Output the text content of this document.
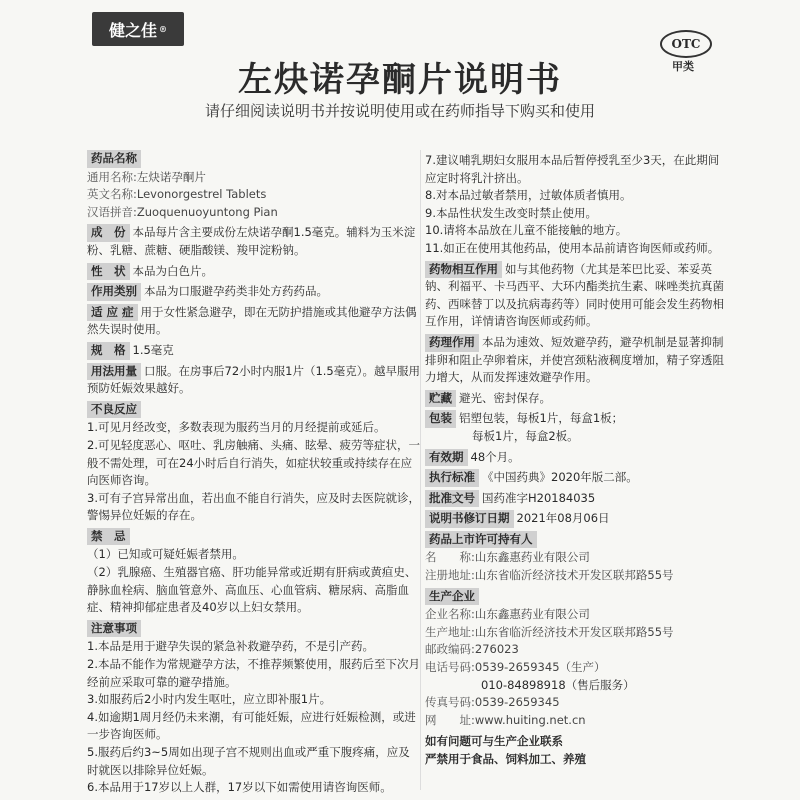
健之佳 ®
OTC
甲类
左炔诺孕酮片说明书
请仔细阅读说明书并按说明使用或在药师指导下购买和使用
药品名称
通用名称: 左炔诺孕酮片
英文名称: Levonorgestrel Tablets
汉语拼音: Zuoquenuoyuntong Pian
成　份 本品每片含主要成份左炔诺孕酮1.5毫克。辅料为玉米淀粉、乳糖、蔗糖、硬脂酸镁、羧甲淀粉钠。
性　状 本品为白色片。
作用类别 本品为口服避孕药类非处方药药品。
适 应 症 用于女性紧急避孕，即在无防护措施或其他避孕方法偶然失误时使用。
规　格 1.5毫克
用法用量 口服。在房事后72小时内服1片（1.5毫克）。越早服用预防妊娠效果越好。
不良反应

1.可见月经改变，多数表现为服药当月的月经提前或延后。

2.可见轻度恶心、呕吐、乳房触痛、头痛、眩晕、疲劳等症状，一般不需处理，可在24小时后自行消失，如症状较重或持续存在应向医师咨询。

3.可有子宫异常出血，若出血不能自行消失，应及时去医院就诊，警惕异位妊娠的存在。

禁　忌

（1）已知或可疑妊娠者禁用。

（2）乳腺癌、生殖器官癌、肝功能异常或近期有肝病或黄疸史、静脉血栓病、脑血管意外、高血压、心血管病、糖尿病、高脂血症、精神抑郁症患者及40岁以上妇女禁用。

注意事项

1.本品是用于避孕失误的紧急补救避孕药，不是引产药。

2.本品不能作为常规避孕方法，不推荐频繁使用，服药后至下次月经前应采取可靠的避孕措施。

3.如服药后2小时内发生呕吐，应立即补服1片。

4.如逾期1周月经仍未来潮，有可能妊娠，应进行妊娠检测，或进一步咨询医师。

5.服药后约3~5周如出现子宫不规则出血或严重下腹疼痛，应及时就医以排除异位妊娠。

6.本品用于17岁以上人群，17岁以下如需使用请咨询医师。

7.建议哺乳期妇女服用本品后暂停授乳至少3天，在此期间应定时将乳汁挤出。

8.对本品过敏者禁用，过敏体质者慎用。

9.本品性状发生改变时禁止使用。

10.请将本品放在儿童不能接触的地方。

11.如正在使用其他药品，使用本品前请咨询医师或药师。

药物相互作用 如与其他药物（尤其是苯巴比妥、苯妥英钠、利福平、卡马西平、大环内酯类抗生素、咪唑类抗真菌药、西咪替丁以及抗病毒药等）同时使用可能会发生药物相互作用，详情请咨询医师或药师。
药理作用 本品为速效、短效避孕药，避孕机制是显著抑制排卵和阻止孕卵着床，并使宫颈粘液稠度增加，精子穿透阻力增大，从而发挥速效避孕作用。
贮藏 避光、密封保存。
包装 铝塑包装，每板1片，每盒1板；

每板1片，每盒2板。

有效期 48个月。
执行标准 《中国药典》2020年版二部。
批准文号 国药准字H20184035
说明书修订日期 2021年08月06日
药品上市许可持有人
名　　称: 山东鑫惠药业有限公司
注册地址: 山东省临沂经济技术开发区联邦路55号
生产企业
企业名称: 山东鑫惠药业有限公司
生产地址: 山东省临沂经济技术开发区联邦路55号
邮政编码: 276023
电话号码: 0539-2659345（生产）

010-84898918（售后服务）

传真号码: 0539-2659345
网　　址: www.huiting.net.cn

如有问题可与生产企业联系

严禁用于食品、饲料加工、养殖
